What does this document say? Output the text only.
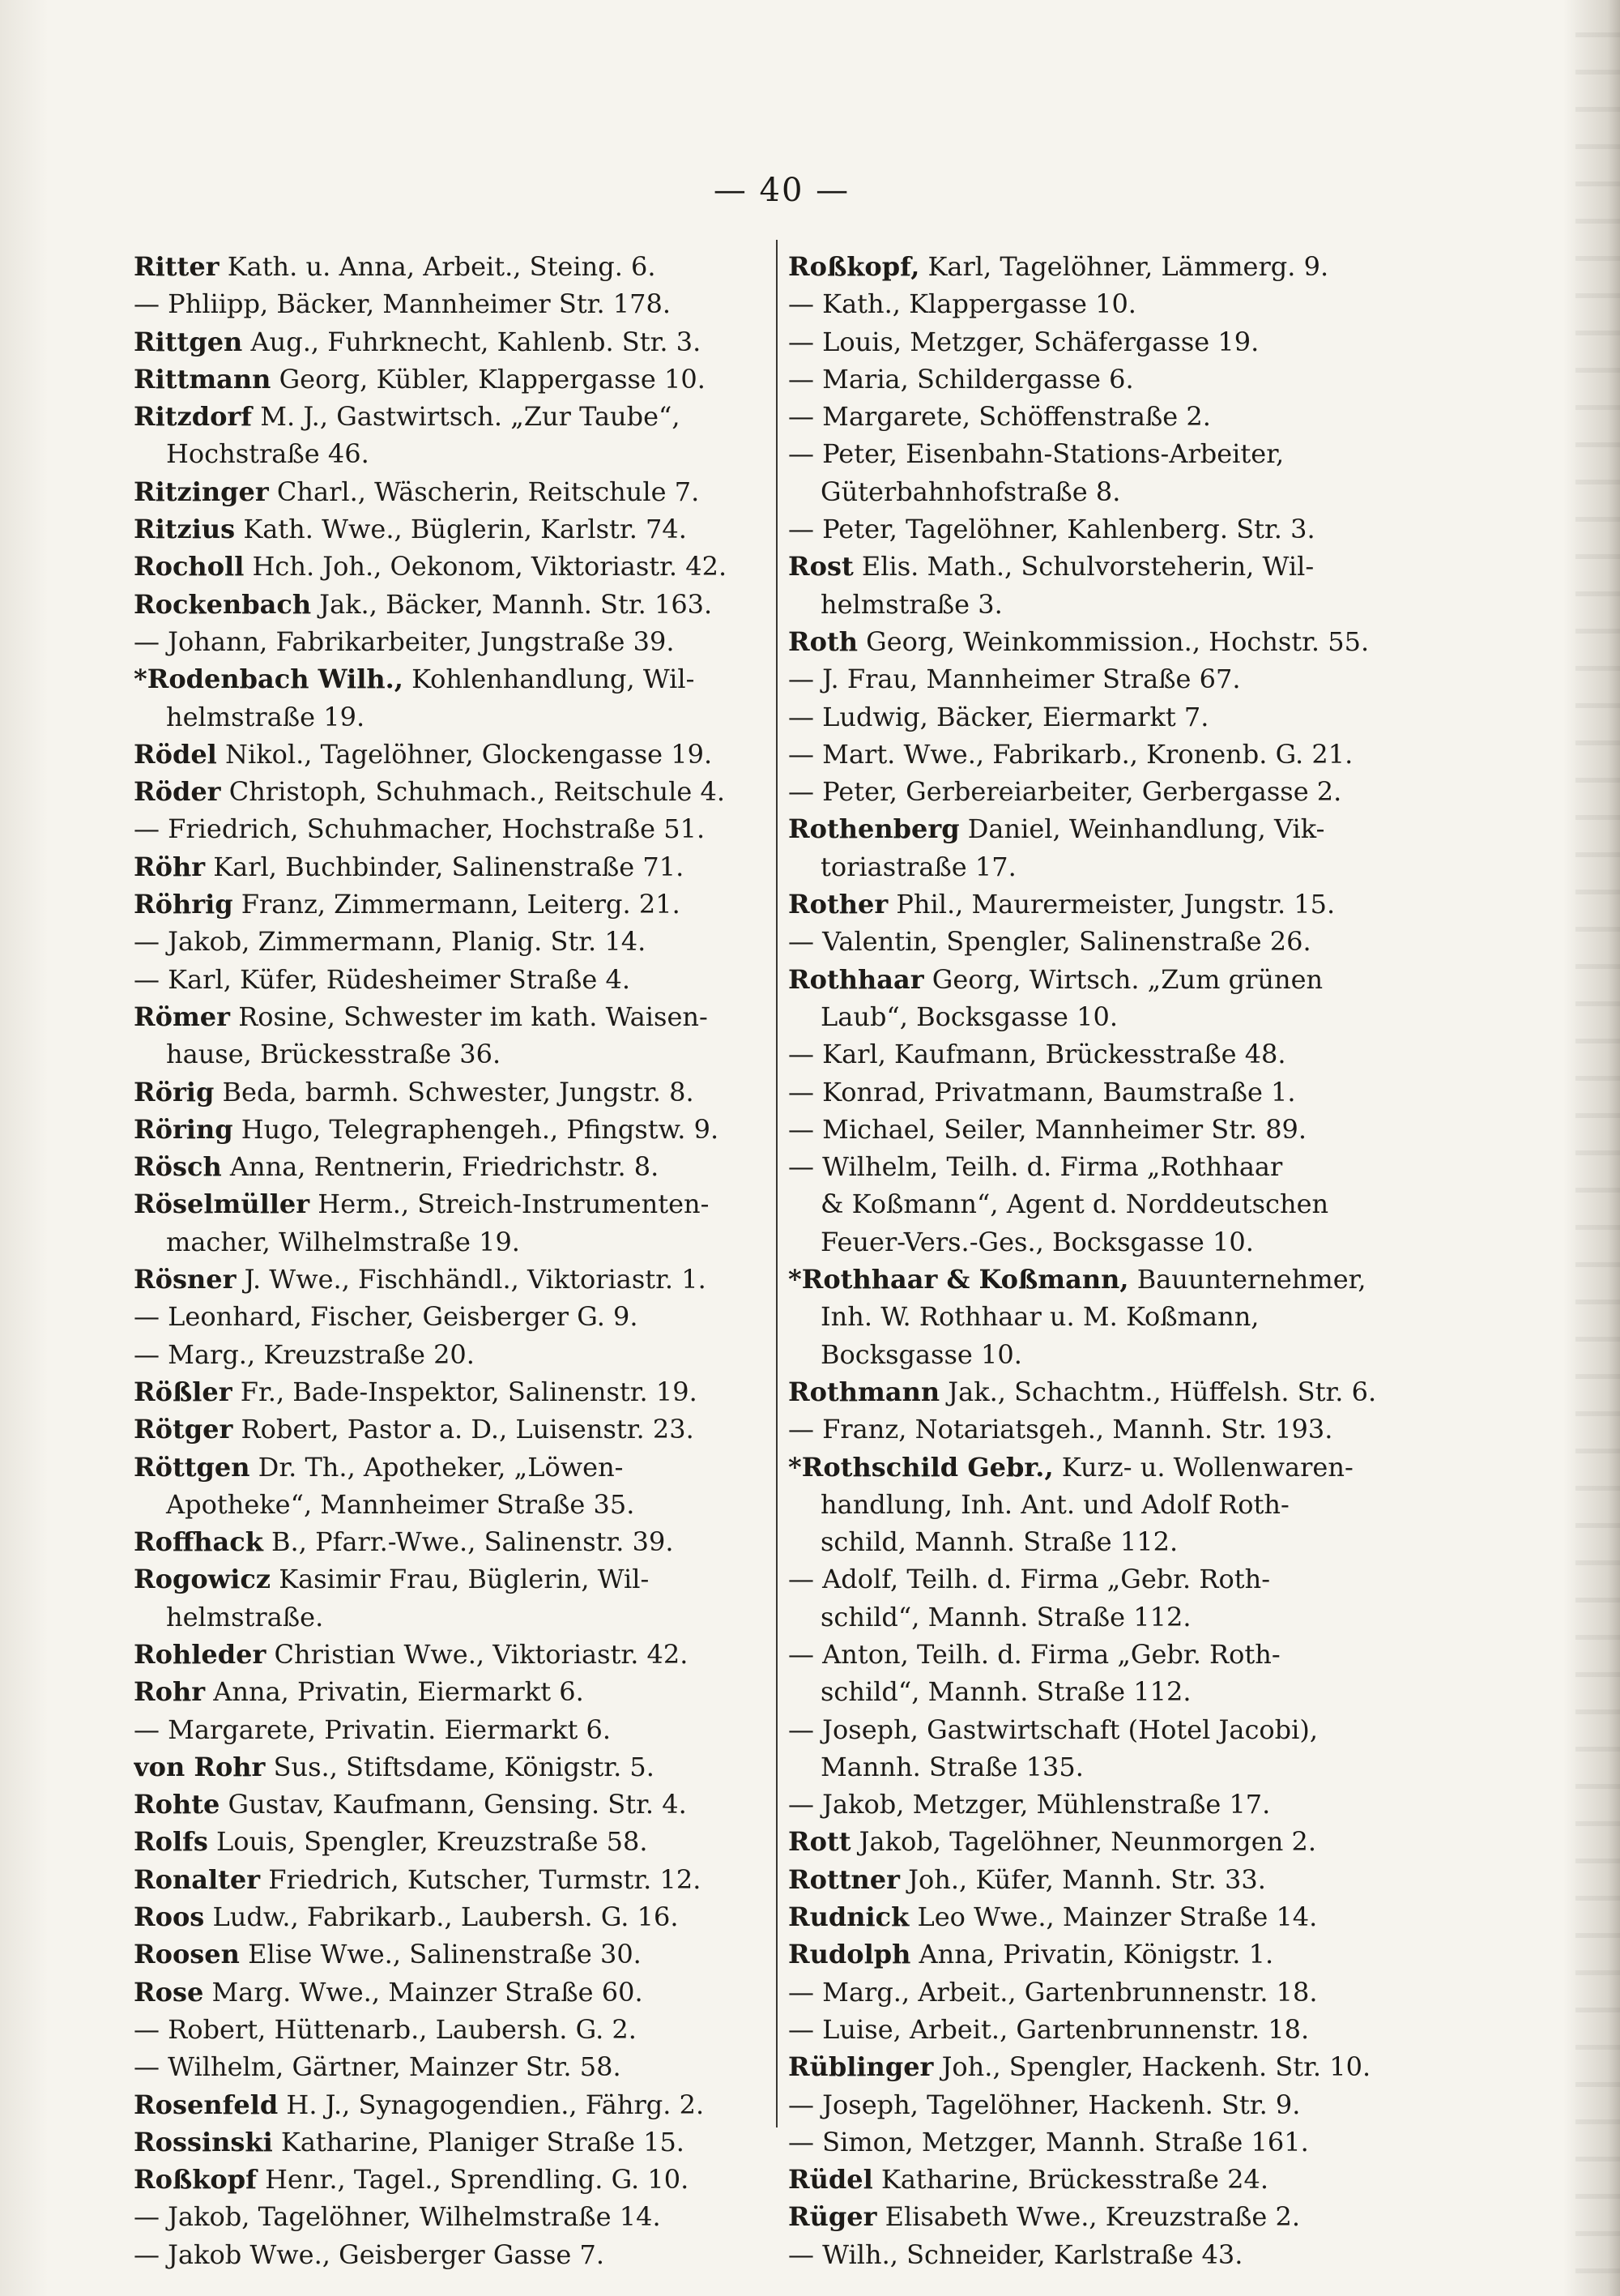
— 40 —
Ritter Kath. u. Anna, Arbeit., Steing. 6.
— Phliipp, Bäcker, Mannheimer Str. 178.
Rittgen Aug., Fuhrknecht, Kahlenb. Str. 3.
Rittmann Georg, Kübler, Klappergasse 10.
Ritzdorf M. J., Gastwirtsch. „Zur Taube“,
Hochstraße 46.
Ritzinger Charl., Wäscherin, Reitschule 7.
Ritzius Kath. Wwe., Büglerin, Karlstr. 74.
Rocholl Hch. Joh., Oekonom, Viktoriastr. 42.
Rockenbach Jak., Bäcker, Mannh. Str. 163.
— Johann, Fabrikarbeiter, Jungstraße 39.
*Rodenbach Wilh., Kohlenhandlung, Wil-
helmstraße 19.
Rödel Nikol., Tagelöhner, Glockengasse 19.
Röder Christoph, Schuhmach., Reitschule 4.
— Friedrich, Schuhmacher, Hochstraße 51.
Röhr Karl, Buchbinder, Salinenstraße 71.
Röhrig Franz, Zimmermann, Leiterg. 21.
— Jakob, Zimmermann, Planig. Str. 14.
— Karl, Küfer, Rüdesheimer Straße 4.
Römer Rosine, Schwester im kath. Waisen-
hause, Brückesstraße 36.
Rörig Beda, barmh. Schwester, Jungstr. 8.
Röring Hugo, Telegraphengeh., Pfingstw. 9.
Rösch Anna, Rentnerin, Friedrichstr. 8.
Röselmüller Herm., Streich-Instrumenten-
macher, Wilhelmstraße 19.
Rösner J. Wwe., Fischhändl., Viktoriastr. 1.
— Leonhard, Fischer, Geisberger G. 9.
— Marg., Kreuzstraße 20.
Rößler Fr., Bade-Inspektor, Salinenstr. 19.
Rötger Robert, Pastor a. D., Luisenstr. 23.
Röttgen Dr. Th., Apotheker, „Löwen-
Apotheke“, Mannheimer Straße 35.
Roffhack B., Pfarr.-Wwe., Salinenstr. 39.
Rogowicz Kasimir Frau, Büglerin, Wil-
helmstraße.
Rohleder Christian Wwe., Viktoriastr. 42.
Rohr Anna, Privatin, Eiermarkt 6.
— Margarete, Privatin. Eiermarkt 6.
von Rohr Sus., Stiftsdame, Königstr. 5.
Rohte Gustav, Kaufmann, Gensing. Str. 4.
Rolfs Louis, Spengler, Kreuzstraße 58.
Ronalter Friedrich, Kutscher, Turmstr. 12.
Roos Ludw., Fabrikarb., Laubersh. G. 16.
Roosen Elise Wwe., Salinenstraße 30.
Rose Marg. Wwe., Mainzer Straße 60.
— Robert, Hüttenarb., Laubersh. G. 2.
— Wilhelm, Gärtner, Mainzer Str. 58.
Rosenfeld H. J., Synagogendien., Fährg. 2.
Rossinski Katharine, Planiger Straße 15.
Roßkopf Henr., Tagel., Sprendling. G. 10.
— Jakob, Tagelöhner, Wilhelmstraße 14.
— Jakob Wwe., Geisberger Gasse 7.
Roßkopf, Karl, Tagelöhner, Lämmerg. 9.
— Kath., Klappergasse 10.
— Louis, Metzger, Schäfergasse 19.
— Maria, Schildergasse 6.
— Margarete, Schöffenstraße 2.
— Peter, Eisenbahn-Stations-Arbeiter,
Güterbahnhofstraße 8.
— Peter, Tagelöhner, Kahlenberg. Str. 3.
Rost Elis. Math., Schulvorsteherin, Wil-
helmstraße 3.
Roth Georg, Weinkommission., Hochstr. 55.
— J. Frau, Mannheimer Straße 67.
— Ludwig, Bäcker, Eiermarkt 7.
— Mart. Wwe., Fabrikarb., Kronenb. G. 21.
— Peter, Gerbereiarbeiter, Gerbergasse 2.
Rothenberg Daniel, Weinhandlung, Vik-
toriastraße 17.
Rother Phil., Maurermeister, Jungstr. 15.
— Valentin, Spengler, Salinenstraße 26.
Rothhaar Georg, Wirtsch. „Zum grünen
Laub“, Bocksgasse 10.
— Karl, Kaufmann, Brückesstraße 48.
— Konrad, Privatmann, Baumstraße 1.
— Michael, Seiler, Mannheimer Str. 89.
— Wilhelm, Teilh. d. Firma „Rothhaar
& Koßmann“, Agent d. Norddeutschen
Feuer-Vers.-Ges., Bocksgasse 10.
*Rothhaar & Koßmann, Bauunternehmer,
Inh. W. Rothhaar u. M. Koßmann,
Bocksgasse 10.
Rothmann Jak., Schachtm., Hüffelsh. Str. 6.
— Franz, Notariatsgeh., Mannh. Str. 193.
*Rothschild Gebr., Kurz- u. Wollenwaren-
handlung, Inh. Ant. und Adolf Roth-
schild, Mannh. Straße 112.
— Adolf, Teilh. d. Firma „Gebr. Roth-
schild“, Mannh. Straße 112.
— Anton, Teilh. d. Firma „Gebr. Roth-
schild“, Mannh. Straße 112.
— Joseph, Gastwirtschaft (Hotel Jacobi),
Mannh. Straße 135.
— Jakob, Metzger, Mühlenstraße 17.
Rott Jakob, Tagelöhner, Neunmorgen 2.
Rottner Joh., Küfer, Mannh. Str. 33.
Rudnick Leo Wwe., Mainzer Straße 14.
Rudolph Anna, Privatin, Königstr. 1.
— Marg., Arbeit., Gartenbrunnenstr. 18.
— Luise, Arbeit., Gartenbrunnenstr. 18.
Rüblinger Joh., Spengler, Hackenh. Str. 10.
— Joseph, Tagelöhner, Hackenh. Str. 9.
— Simon, Metzger, Mannh. Straße 161.
Rüdel Katharine, Brückesstraße 24.
Rüger Elisabeth Wwe., Kreuzstraße 2.
— Wilh., Schneider, Karlstraße 43.
